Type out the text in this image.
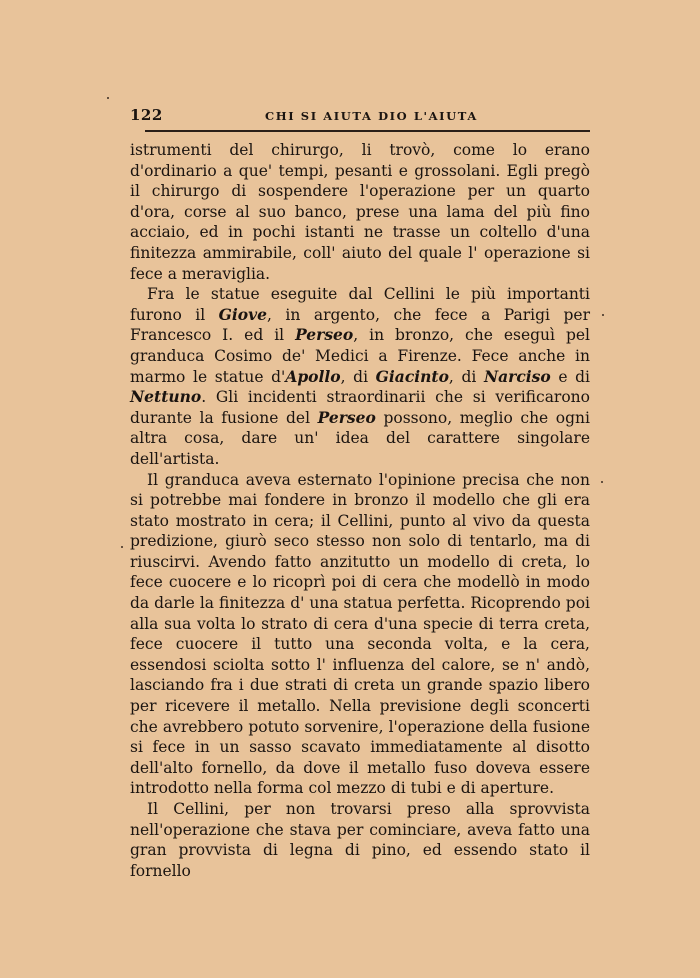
122	CHI SI AIUTA DIO L'AIUTA

istrumenti del chirurgo, li trovò, come lo erano d'ordinario a que' tempi, pesanti e grossolani. Egli pregò il chirurgo di sospendere l'operazione per un quarto d'ora, corse al suo banco, prese una lama del più fino acciaio, ed in pochi istanti ne trasse un coltello d'una finitezza ammirabile, coll' aiuto del quale l' operazione si fece a meraviglia.

Fra le statue eseguite dal Cellini le più importanti furono il Giove, in argento, che fece a Parigi per Francesco I. ed il Perseo, in bronzo, che eseguì pel granduca Cosimo de' Medici a Firenze. Fece anche in marmo le statue d'Apollo, di Giacinto, di Narciso e di Nettuno. Gli incidenti straordinarii che si verificarono durante la fusione del Perseo possono, meglio che ogni altra cosa, dare un' idea del carattere singolare dell'artista.

Il granduca aveva esternato l'opinione precisa che non si potrebbe mai fondere in bronzo il modello che gli era stato mostrato in cera; il Cellini, punto al vivo da questa predizione, giurò seco stesso non solo di tentarlo, ma di riuscirvi. Avendo fatto anzitutto un modello di creta, lo fece cuocere e lo ricoprì poi di cera che modellò in modo da darle la finitezza d' una statua perfetta. Ricoprendo poi alla sua volta lo strato di cera d'una specie di terra creta, fece cuocere il tutto una seconda volta, e la cera, essendosi sciolta sotto l' influenza del calore, se n' andò, lasciando fra i due strati di creta un grande spazio libero per ricevere il metallo. Nella previsione degli sconcerti che avrebbero potuto sorvenire, l'operazione della fusione si fece in un sasso scavato immediatamente al disotto dell'alto fornello, da dove il metallo fuso doveva essere introdotto nella forma col mezzo di tubi e di aperture.

Il Cellini, per non trovarsi preso alla sprovvista nell'operazione che stava per cominciare, aveva fatto una gran provvista di legna di pino, ed essendo stato il fornello
